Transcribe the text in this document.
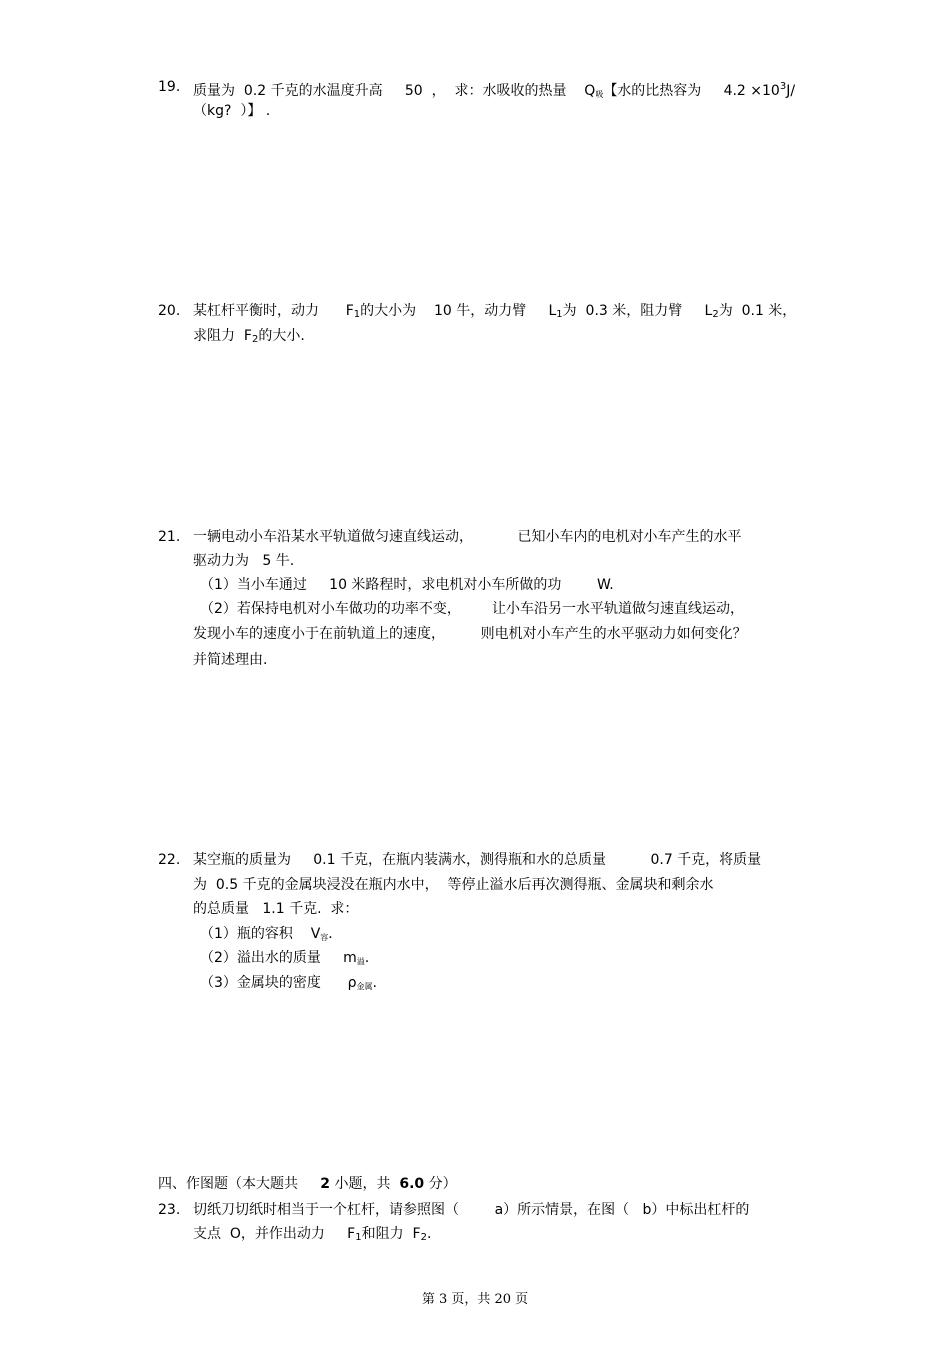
19. 质量为  0.2 千克的水温度升高     50  ，  求：水吸收的热量    Q吸【水的比热容为     $4.2 \times 10^3J/$
（kg?  ）】 .
20. 某杠杆平衡时，动力      $F_1$的大小为    10 牛，动力臂     $L_1$为  0.3 米，阻力臂     $L_2$为  0.1 米，
求阻力  $F_2$的大小.
21. 一辆电动小车沿某水平轨道做匀速直线运动，          已知小车内的电机对小车产生的水平
驱动力为   5 牛.
（1）当小车通过     10 米路程时，求电机对小车所做的功        W.
（2）若保持电机对小车做功的功率不变，       让小车沿另一水平轨道做匀速直线运动，
发现小车的速度小于在前轨道上的速度，        则电机对小车产生的水平驱动力如何变化？
并简述理由.
22. 某空瓶的质量为     0.1 千克，在瓶内装满水，测得瓶和水的总质量          0.7 千克，将质量
为  0.5 千克的金属块浸没在瓶内水中，  等停止溢水后再次测得瓶、金属块和剩余水
的总质量   1.1 千克.  求：
（1）瓶的容积    V容.
（2）溢出水的质量     m溢.
（3）金属块的密度      ρ金属.
四、作图题（本大题共     2 小题，共  6.0 分）
23. 切纸刀切纸时相当于一个杠杆，请参照图（        a）所示情景，在图（   b）中标出杠杆的
支点  O，并作出动力     $F_1$和阻力  $F_2$.
第 3 页，共 20 页
